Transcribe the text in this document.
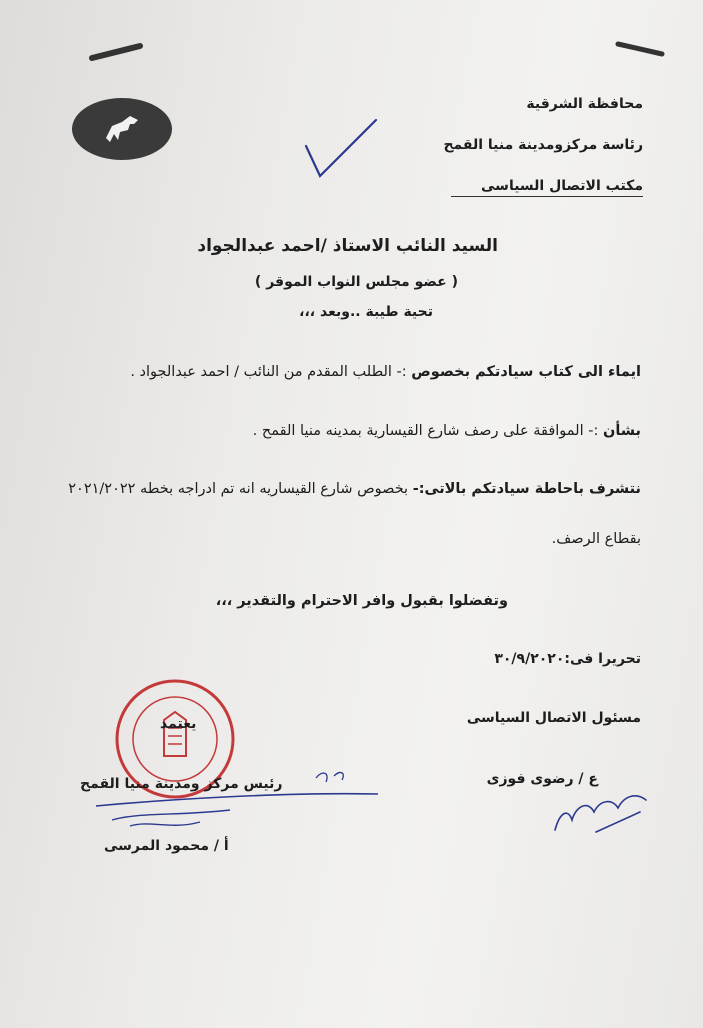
محافظة الشرقية
رئاسة مركزومدينة منيا القمح
مكتب الاتصال السياسى
السيد النائب الاستاذ /احمد عبدالجواد
( عضو مجلس النواب الموقر )
تحية طيبة ..وبعد ،،،
ايماء الى كتاب سيادتكم بخصوص :- الطلب المقدم من النائب / احمد عبدالجواد .
بشأن :- الموافقة على رصف شارع القيسارية بمدينه منيا القمح .
نتشرف باحاطة سيادتكم بالاتى:- بخصوص شارع القيساريه انه تم ادراجه بخطه ٢٠٢١/٢٠٢٢
بقطاع الرصف.
وتفضلوا بقبول وافر الاحترام والتقدير ،،،
تحريرا فى:٣٠/٩/٢٠٢٠
مسئول الاتصال السياسى
ع / رضوى فوزى
يعتمد
رئيس مركز ومدينة منيا القمح
أ / محمود المرسى
